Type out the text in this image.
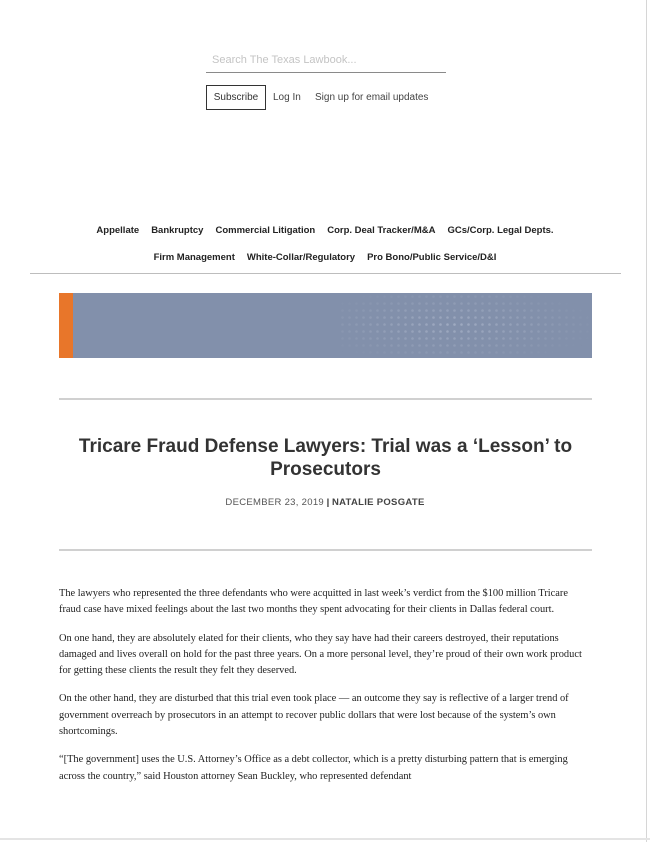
Search The Texas Lawbook...
Subscribe	Log In Sign up for email updates
Appellate Bankruptcy Commercial Litigation Corp. Deal Tracker/M&A GCs/Corp. Legal Depts.
Firm Management White-Collar/Regulatory Pro Bono/Public Service/D&I
Tricare Fraud Defense Lawyers: Trial was a ‘Lesson’ to Prosecutors
DECEMBER 23, 2019 | NATALIE POSGATE

The lawyers who represented the three defendants who were acquitted in last week’s verdict from the $100 million Tricare fraud case have mixed feelings about the last two months they spent advocating for their clients in Dallas federal court.

On one hand, they are absolutely elated for their clients, who they say have had their careers destroyed, their reputations damaged and lives overall on hold for the past three years. On a more personal level, they’re proud of their own work product for getting these clients the result they felt they deserved.

On the other hand, they are disturbed that this trial even took place — an outcome they say is reflective of a larger trend of government overreach by prosecutors in an attempt to recover public dollars that were lost because of the system’s own shortcomings.

“[The government] uses the U.S. Attorney’s Office as a debt collector, which is a pretty disturbing pattern that is emerging across the country,” said Houston attorney Sean Buckley, who represented defendant
